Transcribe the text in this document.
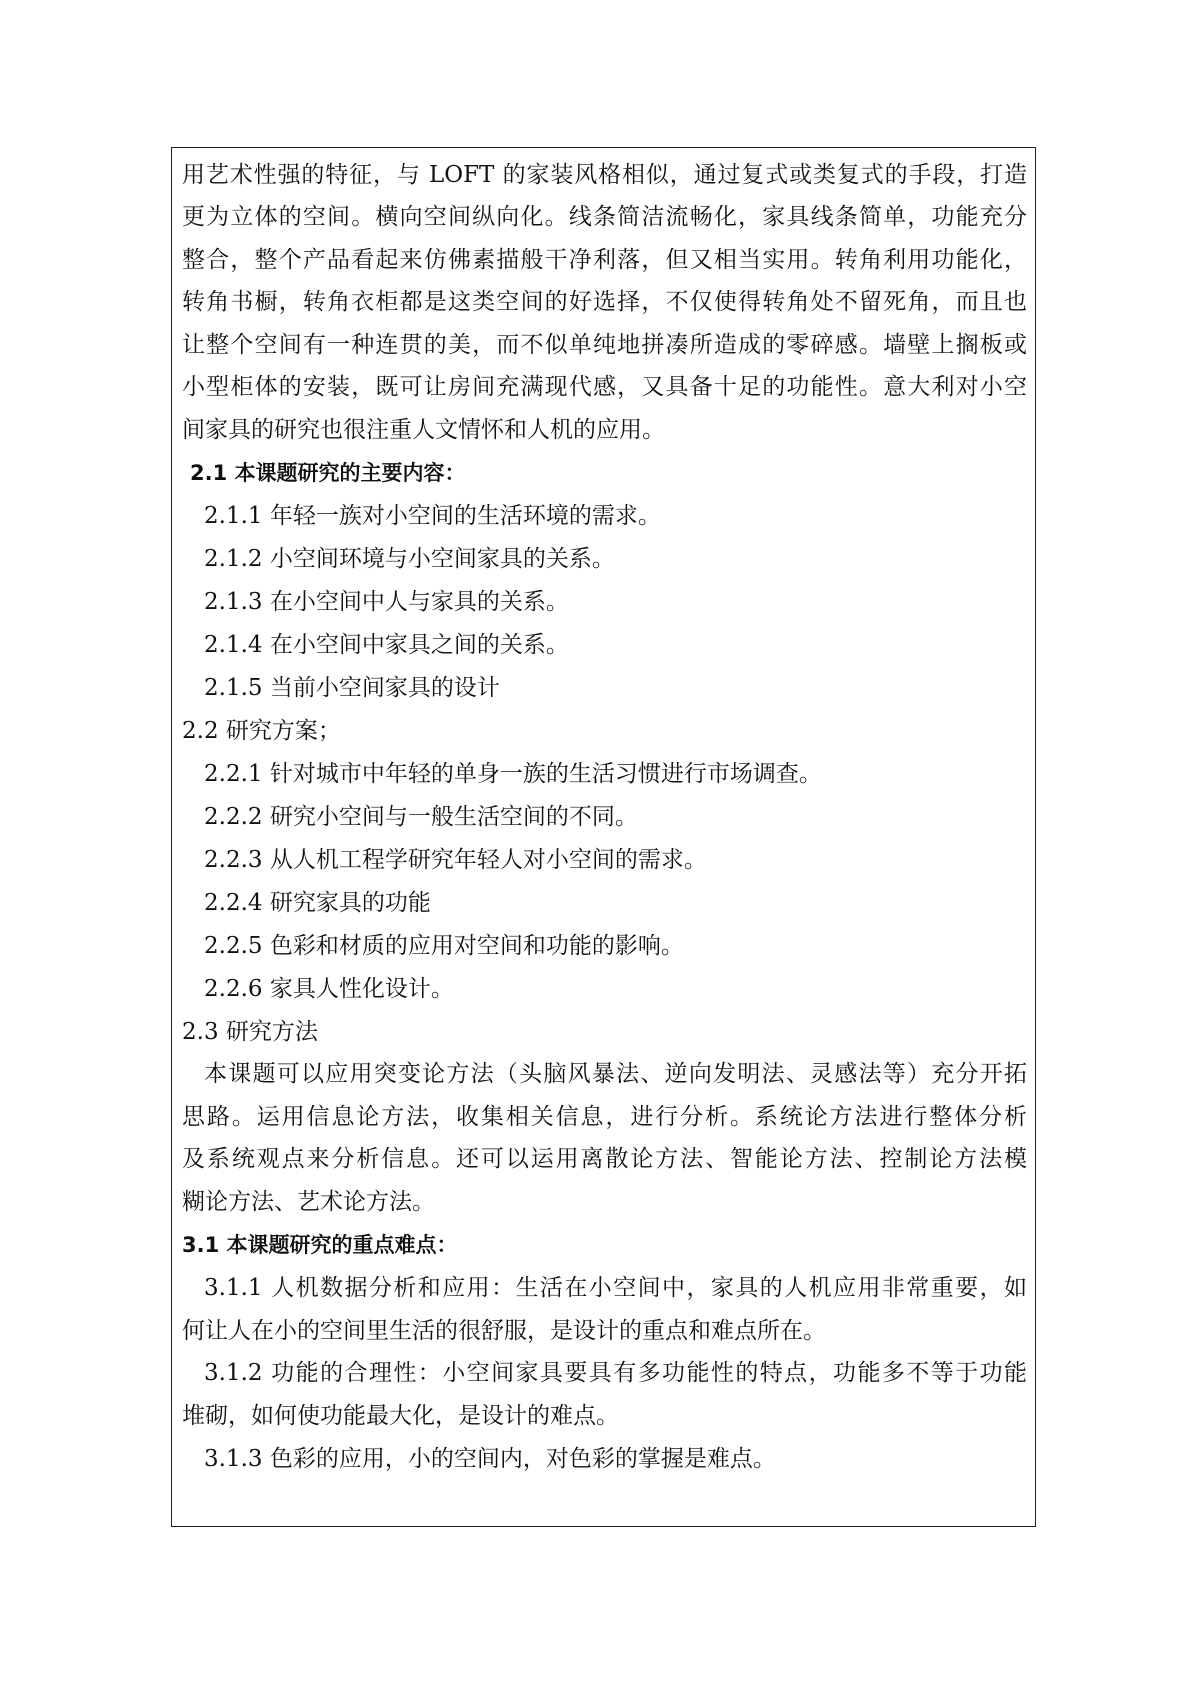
用艺术性强的特征，与 LOFT 的家装风格相似，通过复式或类复式的手段，打造
更为立体的空间。横向空间纵向化。线条简洁流畅化，家具线条简单，功能充分
整合，整个产品看起来仿佛素描般干净利落，但又相当实用。转角利用功能化，
转角书橱，转角衣柜都是这类空间的好选择，不仅使得转角处不留死角，而且也
让整个空间有一种连贯的美，而不似单纯地拼凑所造成的零碎感。墙壁上搁板或
小型柜体的安装，既可让房间充满现代感，又具备十足的功能性。意大利对小空
间家具的研究也很注重人文情怀和人机的应用。
2.1 本课题研究的主要内容：
2.1.1 年轻一族对小空间的生活环境的需求。
2.1.2 小空间环境与小空间家具的关系。
2.1.3 在小空间中人与家具的关系。
2.1.4 在小空间中家具之间的关系。
2.1.5 当前小空间家具的设计
2.2 研究方案；
2.2.1 针对城市中年轻的单身一族的生活习惯进行市场调查。
2.2.2 研究小空间与一般生活空间的不同。
2.2.3 从人机工程学研究年轻人对小空间的需求。
2.2.4 研究家具的功能
2.2.5 色彩和材质的应用对空间和功能的影响。
2.2.6 家具人性化设计。
2.3 研究方法
本课题可以应用突变论方法（头脑风暴法、逆向发明法、灵感法等）充分开拓
思路。运用信息论方法，收集相关信息，进行分析。系统论方法进行整体分析
及系统观点来分析信息。还可以运用离散论方法、智能论方法、控制论方法模
糊论方法、艺术论方法。
3.1 本课题研究的重点难点：
3.1.1 人机数据分析和应用：生活在小空间中，家具的人机应用非常重要，如
何让人在小的空间里生活的很舒服，是设计的重点和难点所在。
3.1.2 功能的合理性：小空间家具要具有多功能性的特点，功能多不等于功能
堆砌，如何使功能最大化，是设计的难点。
3.1.3 色彩的应用，小的空间内，对色彩的掌握是难点。
